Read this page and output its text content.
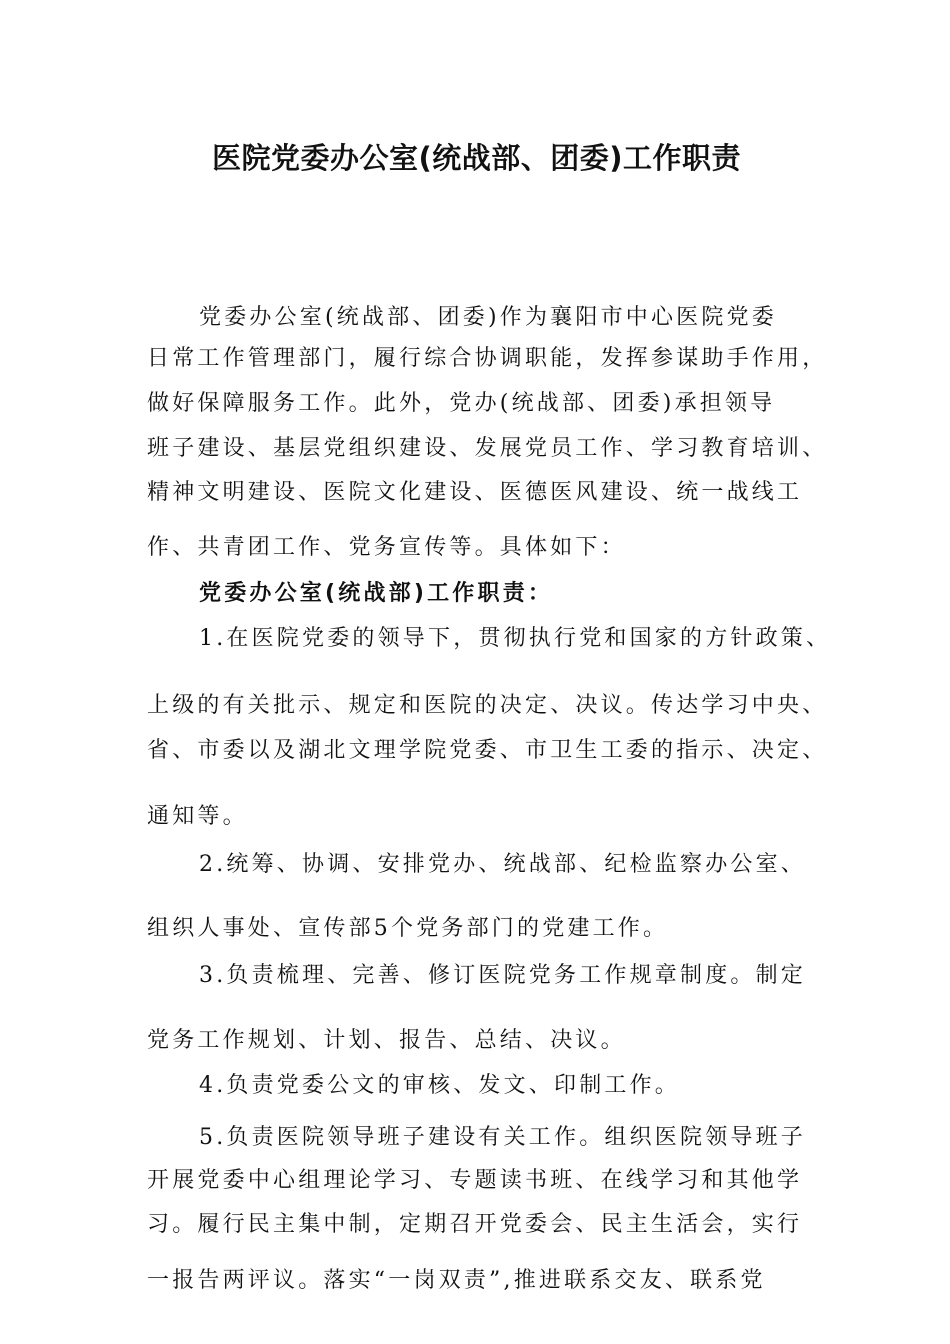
医院党委办公室(统战部、团委)工作职责
党委办公室(统战部、团委)作为襄阳市中心医院党委
日常工作管理部门，履行综合协调职能，发挥参谋助手作用，
做好保障服务工作。此外，党办(统战部、团委)承担领导
班子建设、基层党组织建设、发展党员工作、学习教育培训、
精神文明建设、医院文化建设、医德医风建设、统一战线工
作、共青团工作、党务宣传等。具体如下：
党委办公室(统战部)工作职责：
1.在医院党委的领导下，贯彻执行党和国家的方针政策、
上级的有关批示、规定和医院的决定、决议。传达学习中央、
省、市委以及湖北文理学院党委、市卫生工委的指示、决定、
通知等。
2.统筹、协调、安排党办、统战部、纪检监察办公室、
组织人事处、宣传部5个党务部门的党建工作。
3.负责梳理、完善、修订医院党务工作规章制度。制定
党务工作规划、计划、报告、总结、决议。
4.负责党委公文的审核、发文、印制工作。
5.负责医院领导班子建设有关工作。组织医院领导班子
开展党委中心组理论学习、专题读书班、在线学习和其他学
习。履行民主集中制，定期召开党委会、民主生活会，实行
一报告两评议。落实“一岗双责”,推进联系交友、联系党
